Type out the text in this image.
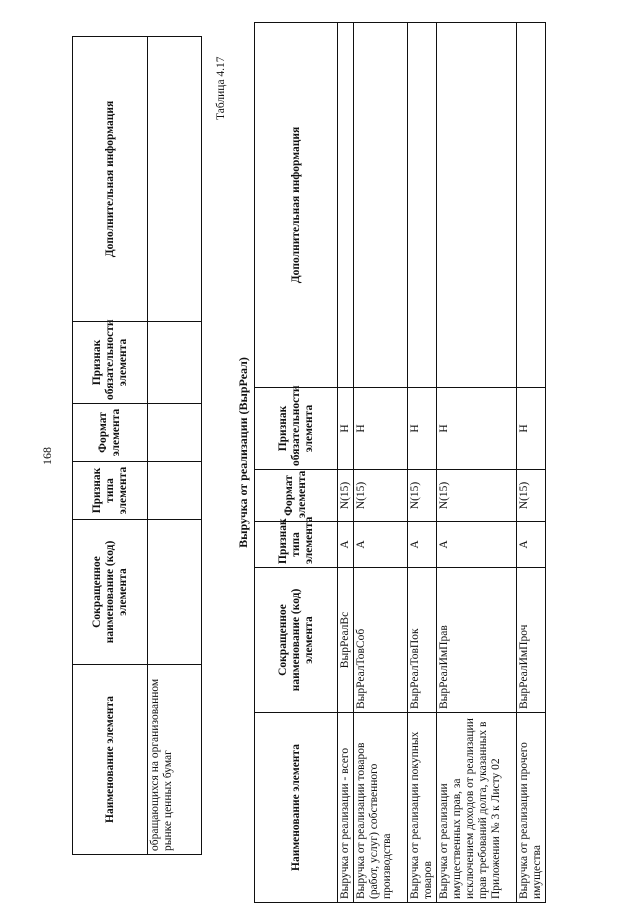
168
Наименование элемента	Сокращенное наименование (код) элемента	Признак типа элемента	Формат элемента	Признак обязательности элемента	Дополнительная информация
обращающихся на организованном рынке ценных бумаг					
Таблица 4.17
Выручка от реализации (ВырРеал)
Наименование элемента	Сокращенное наименование (код) элемента	Признак типа элемента	Формат элемента	Признак обязательности элемента	Дополнительная информация
Выручка от реализации - всего	ВырРеалВс	А	N(15)	Н	
Выручка от реализации товаров (работ, услуг) собственного производства	ВырРеалТовСоб	А	N(15)	Н	
Выручка от реализации покупных товаров	ВырРеалТовПок	А	N(15)	Н	
Выручка от реализации имущественных прав, за исключением доходов от реализации прав требований долга, указанных в Приложении № 3 к Листу 02	ВырРеалИмПрав	А	N(15)	Н	
Выручка от реализации прочего имущества	ВырРеалИмПроч	А	N(15)	Н	
